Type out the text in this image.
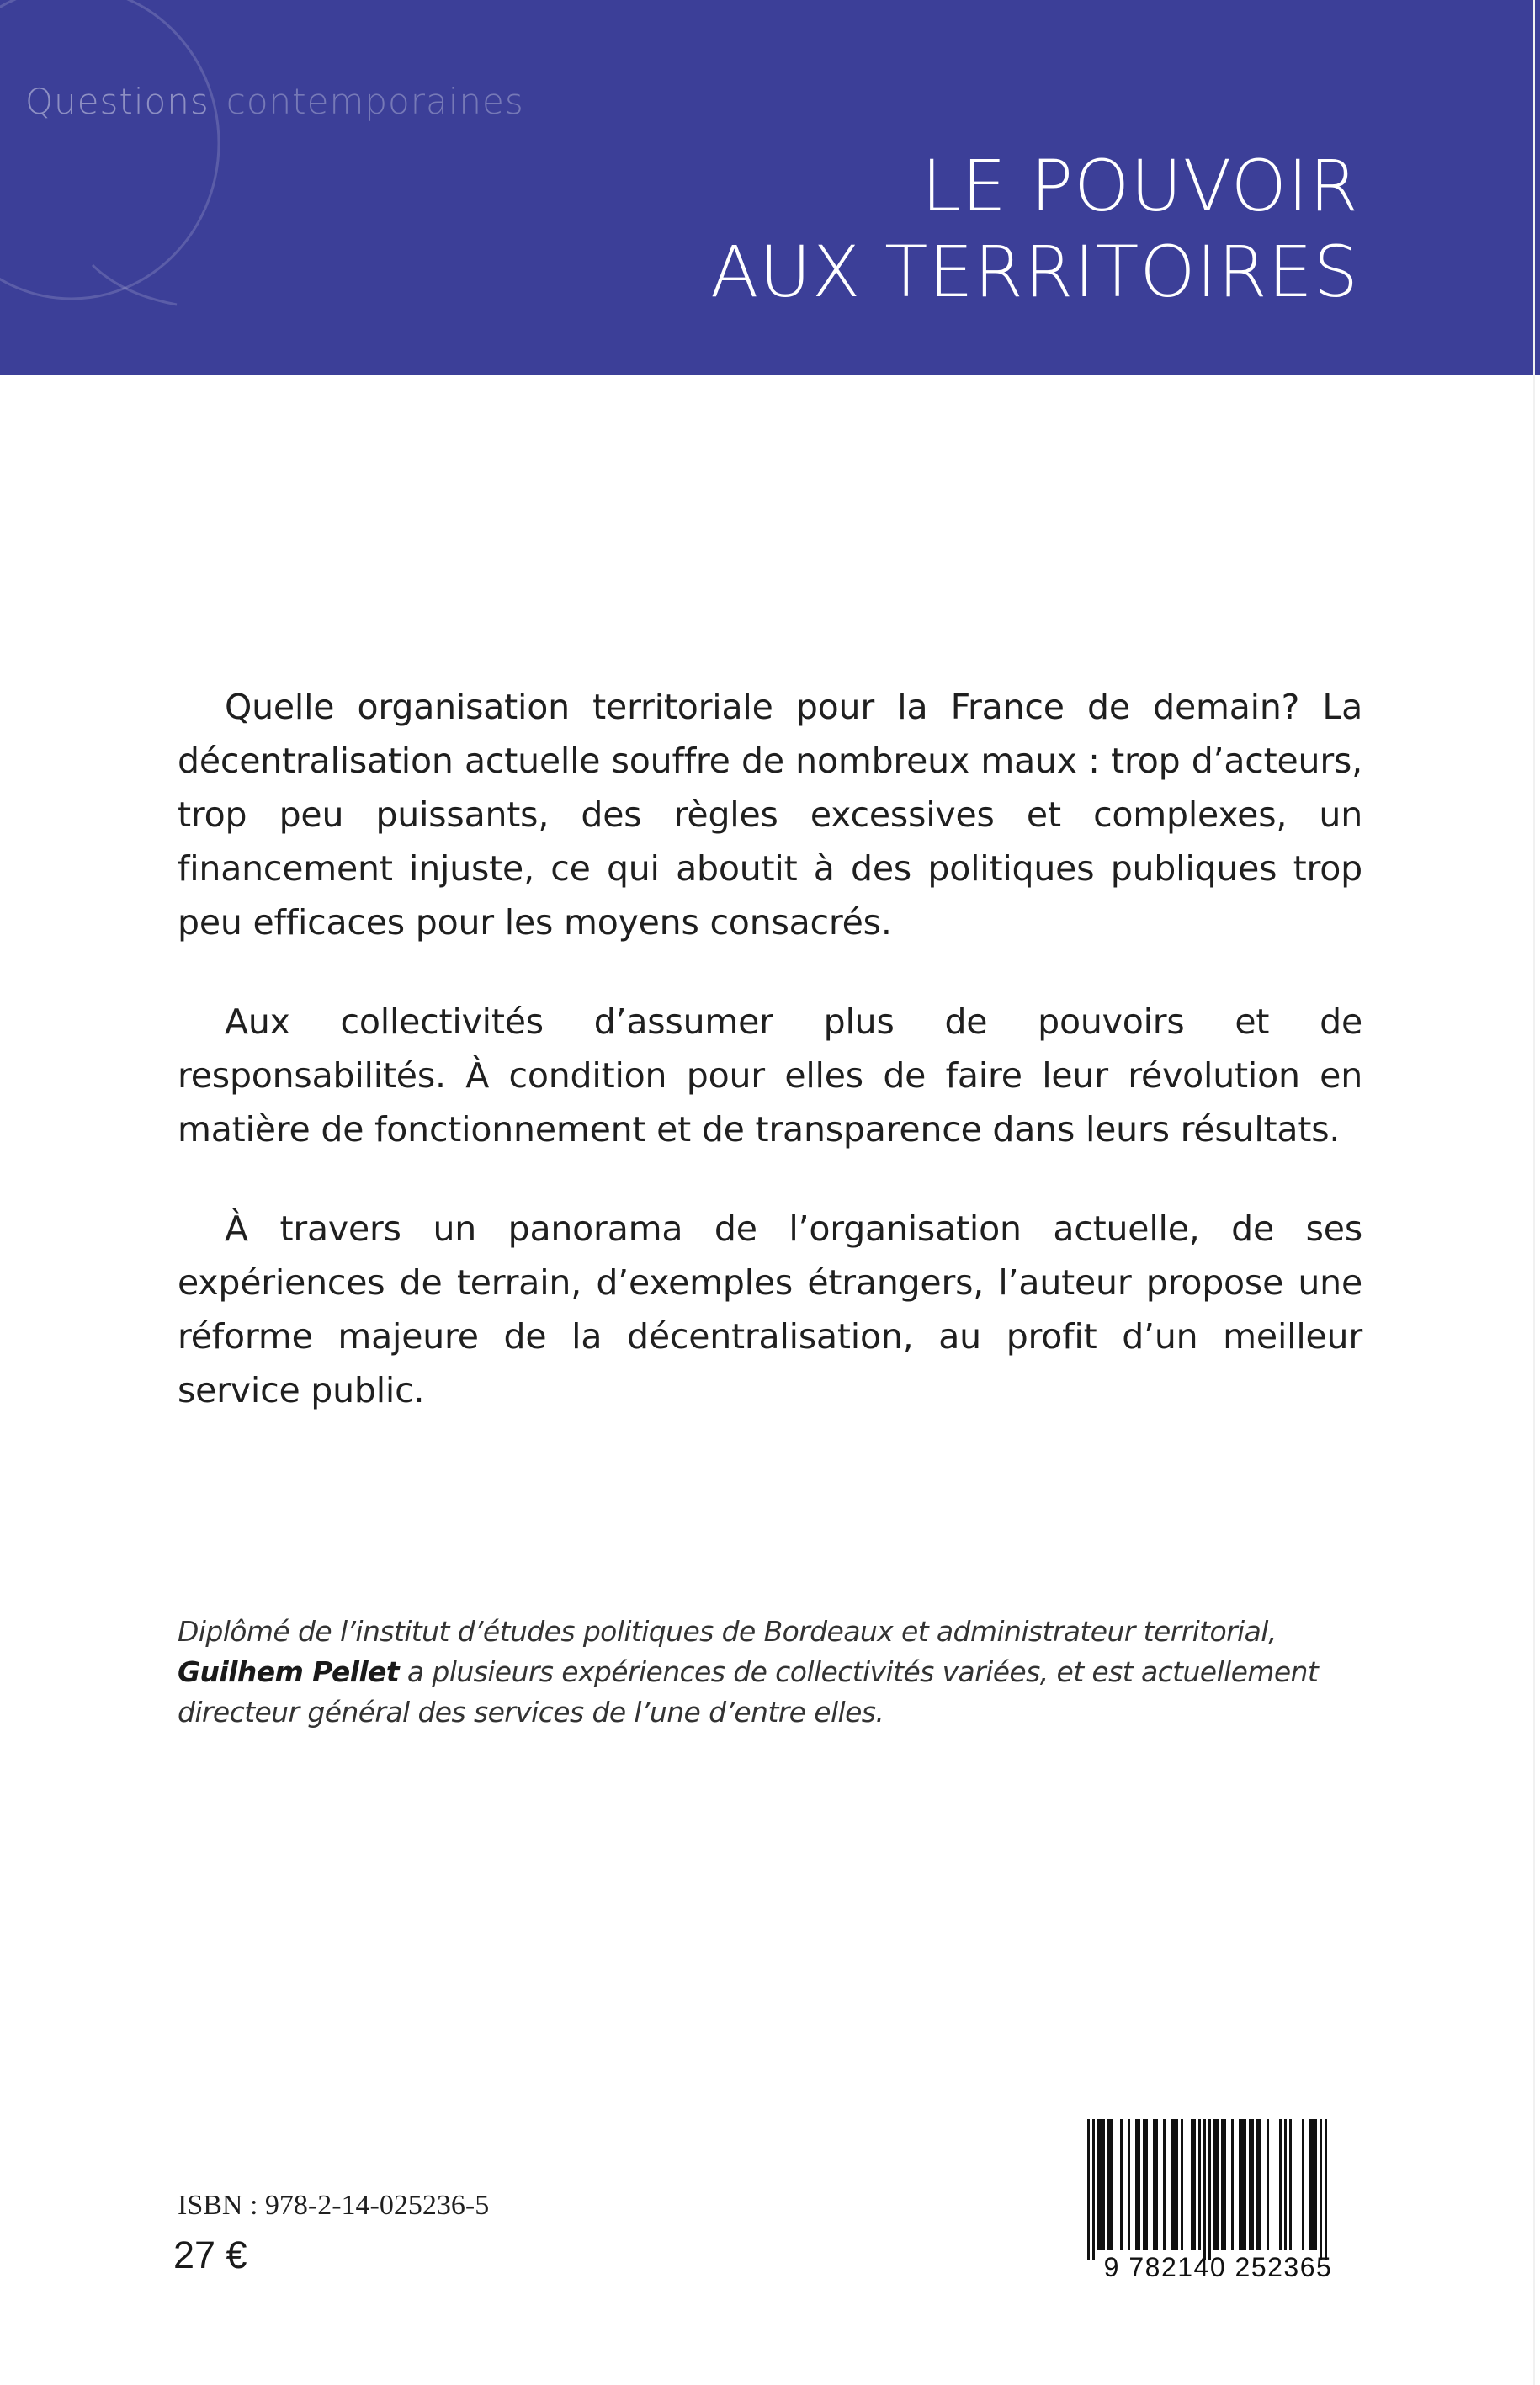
Questions contemporaines
LE POUVOIR
AUX TERRITOIRES

Quelle organisation territoriale pour la France de demain? La décentralisation actuelle souffre de nombreux maux : trop d’acteurs, trop peu puissants, des règles excessives et complexes, un financement injuste, ce qui aboutit à des politiques publiques trop peu efficaces pour les moyens consacrés.

Aux collectivités d’assumer plus de pouvoirs et de responsabilités. À condition pour elles de faire leur révolution en matière de fonctionnement et de transparence dans leurs résultats.

À travers un panorama de l’organisation actuelle, de ses expériences de terrain, d’exemples étrangers, l’auteur propose une réforme majeure de la décentralisation, au profit d’un meilleur service public.

Diplômé de l’institut d’études politiques de Bordeaux et administrateur territorial, Guilhem Pellet a plusieurs expériences de collectivités variées, et est actuellement directeur général des services de l’une d’entre elles.
ISBN : 978-2-14-025236-5
27 €	9 782140 252365
